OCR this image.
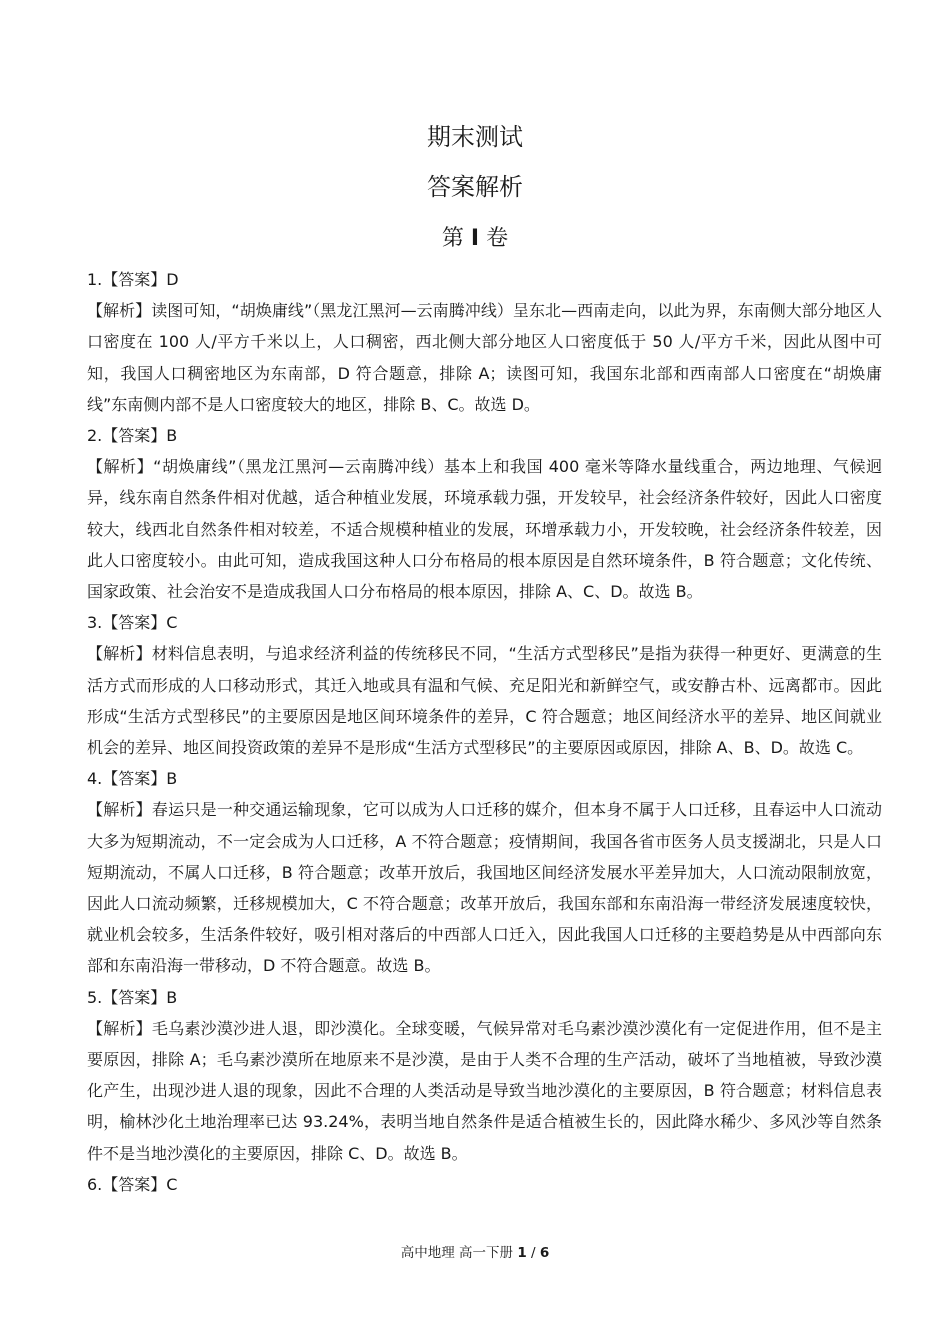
期末测试
答案解析
第 I 卷

1.【答案】D

【解析】读图可知，“胡焕庸线”（黑龙江黑河—云南腾冲线）呈东北—西南走向，以此为界，东南侧大部分地区人口密度在 100 人/平方千米以上，人口稠密，西北侧大部分地区人口密度低于 50 人/平方千米，因此从图中可知，我国人口稠密地区为东南部，D 符合题意，排除 A；读图可知，我国东北部和西南部人口密度在“胡焕庸线”东南侧内部不是人口密度较大的地区，排除 B、C。故选 D。

2.【答案】B

【解析】“胡焕庸线”（黑龙江黑河—云南腾冲线）基本上和我国 400 毫米等降水量线重合，两边地理、气候迥异，线东南自然条件相对优越，适合种植业发展，环境承载力强，开发较早，社会经济条件较好，因此人口密度较大，线西北自然条件相对较差，不适合规模种植业的发展，环增承载力小，开发较晚，社会经济条件较差，因此人口密度较小。由此可知，造成我国这种人口分布格局的根本原因是自然环境条件，B 符合题意；文化传统、国家政策、社会治安不是造成我国人口分布格局的根本原因，排除 A、C、D。故选 B。

3.【答案】C

【解析】材料信息表明，与追求经济利益的传统移民不同，“生活方式型移民”是指为获得一种更好、更满意的生活方式而形成的人口移动形式，其迁入地或具有温和气候、充足阳光和新鲜空气，或安静古朴、远离都市。因此形成“生活方式型移民”的主要原因是地区间环境条件的差异，C 符合题意；地区间经济水平的差异、地区间就业机会的差异、地区间投资政策的差异不是形成“生活方式型移民”的主要原因或原因，排除 A、B、D。故选 C。

4.【答案】B

【解析】春运只是一种交通运输现象，它可以成为人口迁移的媒介，但本身不属于人口迁移，且春运中人口流动大多为短期流动，不一定会成为人口迁移，A 不符合题意；疫情期间，我国各省市医务人员支援湖北，只是人口短期流动，不属人口迁移，B 符合题意；改革开放后，我国地区间经济发展水平差异加大，人口流动限制放宽，因此人口流动频繁，迁移规模加大，C 不符合题意；改革开放后，我国东部和东南沿海一带经济发展速度较快，就业机会较多，生活条件较好，吸引相对落后的中西部人口迁入，因此我国人口迁移的主要趋势是从中西部向东部和东南沿海一带移动，D 不符合题意。故选 B。

5.【答案】B

【解析】毛乌素沙漠沙进人退，即沙漠化。全球变暖，气候异常对毛乌素沙漠沙漠化有一定促进作用，但不是主要原因，排除 A；毛乌素沙漠所在地原来不是沙漠，是由于人类不合理的生产活动，破坏了当地植被，导致沙漠化产生，出现沙进人退的现象，因此不合理的人类活动是导致当地沙漠化的主要原因，B 符合题意；材料信息表明，榆林沙化土地治理率已达 93.24%，表明当地自然条件是适合植被生长的，因此降水稀少、多风沙等自然条件不是当地沙漠化的主要原因，排除 C、D。故选 B。

6.【答案】C

高中地理 高一下册 1 / 6
